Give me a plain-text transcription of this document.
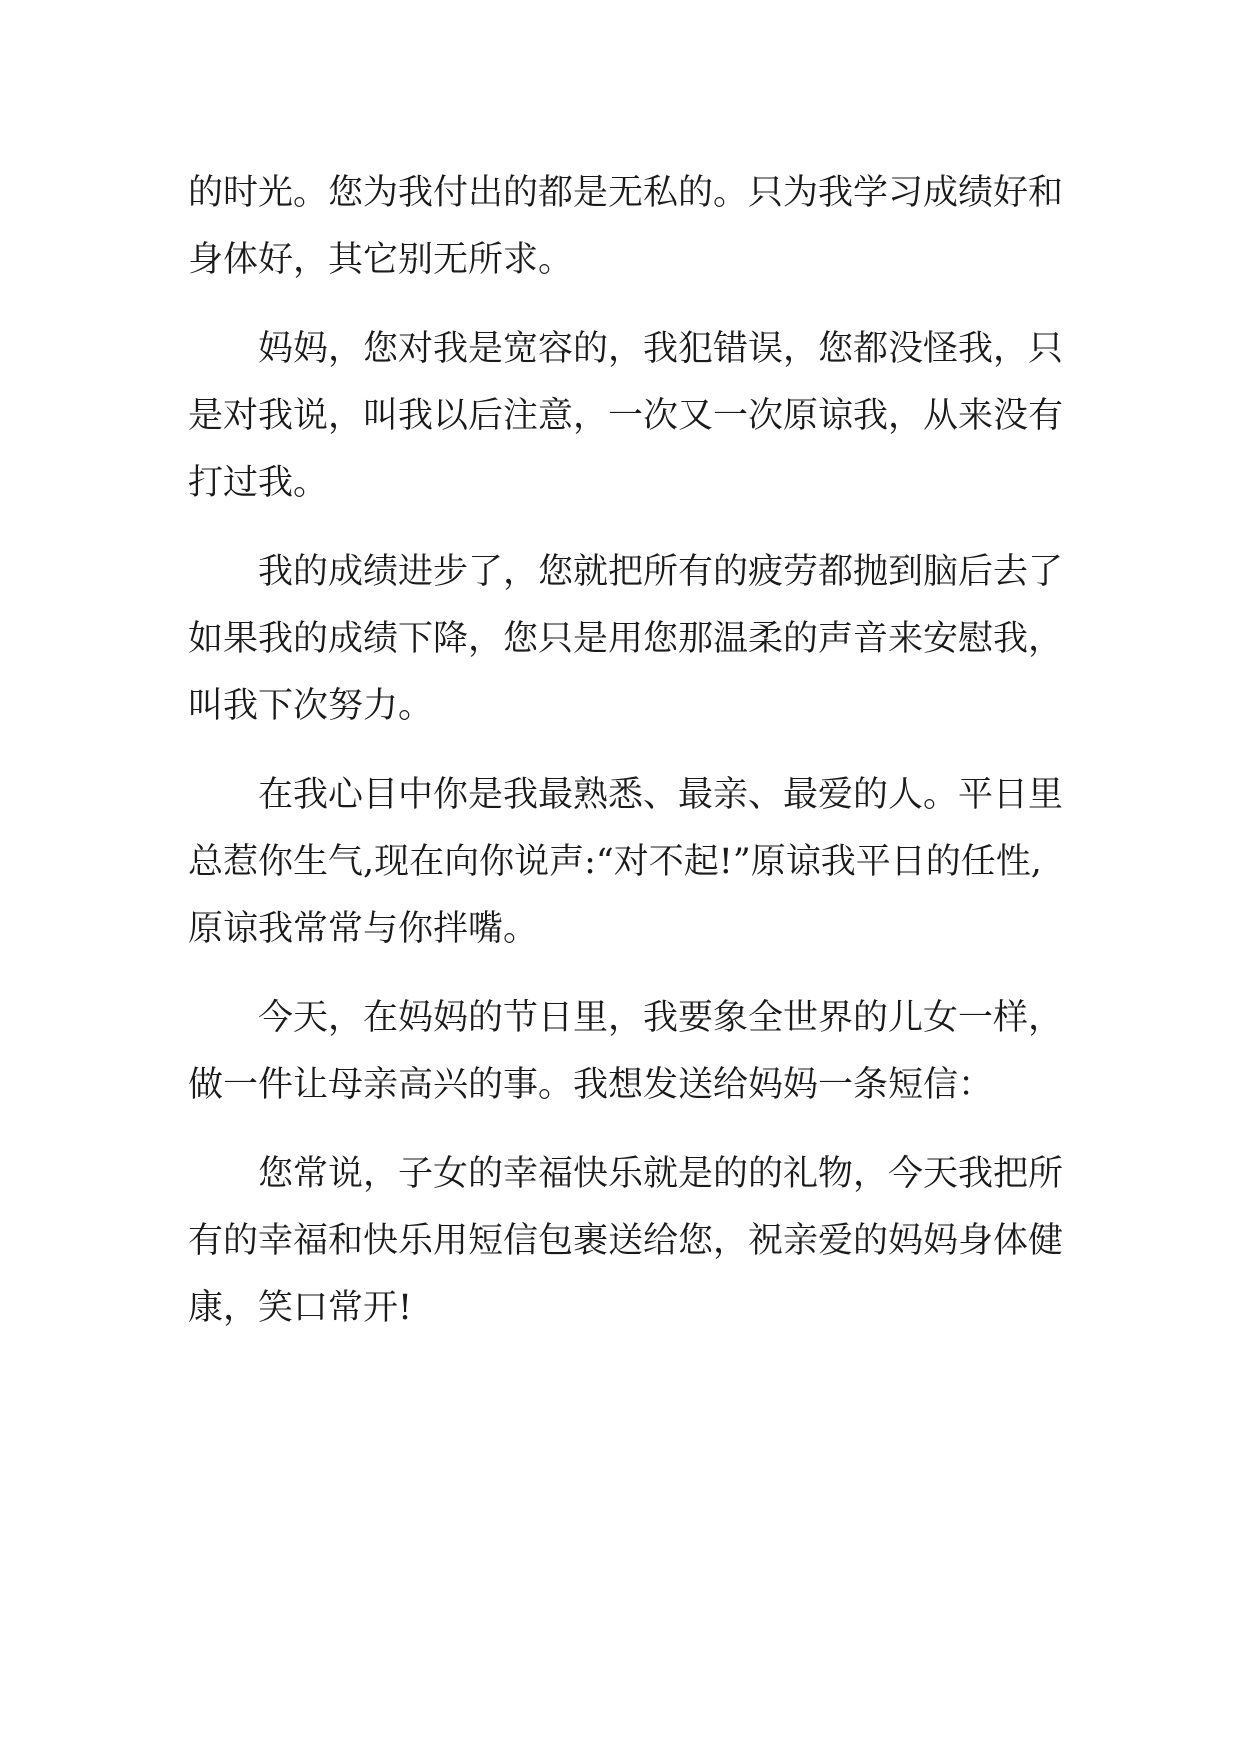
的时光。您为我付出的都是无私的。只为我学习成绩好和
身体好，其它别无所求。
妈妈，您对我是宽容的，我犯错误，您都没怪我，只
是对我说，叫我以后注意，一次又一次原谅我，从来没有
打过我。
我的成绩进步了，您就把所有的疲劳都抛到脑后去了
如果我的成绩下降，您只是用您那温柔的声音来安慰我，
叫我下次努力。
在我心目中你是我最熟悉、最亲、最爱的人。平日里
总惹你生气,现在向你说声:“对不起!”原谅我平日的任性,
原谅我常常与你拌嘴。
今天，在妈妈的节日里，我要象全世界的儿女一样，
做一件让母亲高兴的事。我想发送给妈妈一条短信：
您常说，子女的幸福快乐就是的的礼物，今天我把所
有的幸福和快乐用短信包裹送给您，祝亲爱的妈妈身体健
康，笑口常开!
